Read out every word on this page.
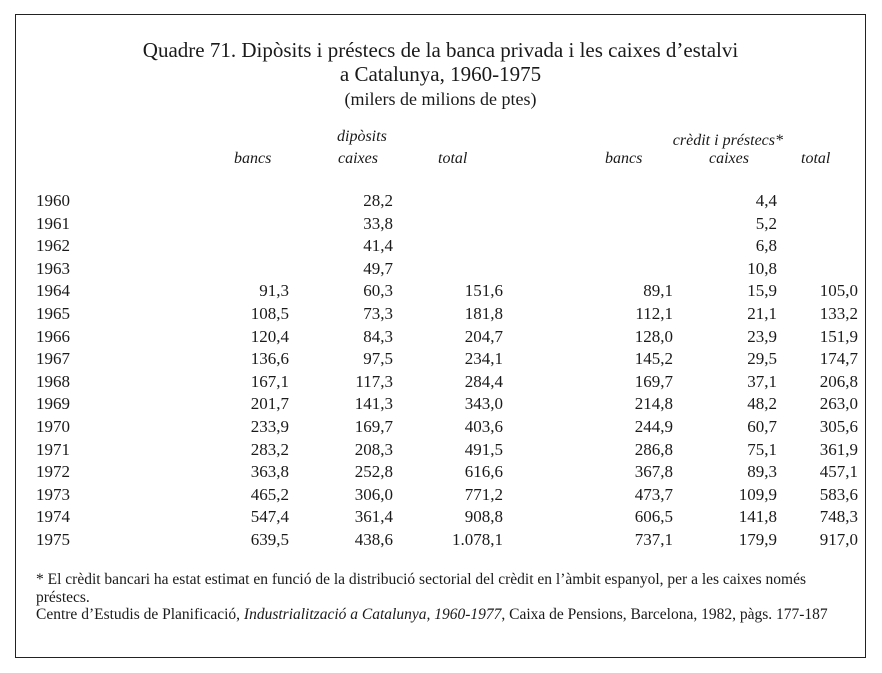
Quadre 71. Dipòsits i préstecs de la banca privada i les caixes d’estalvi
a Catalunya, 1960-1975
(milers de milions de ptes)
dipòsits	crèdit i préstecs*
bancs	caixes	total	bancs	caixes	total
1960		28,2			4,4	
1961		33,8			5,2	
1962		41,4			6,8	
1963		49,7			10,8	
1964	91,3	60,3	151,6	89,1	15,9	105,0
1965	108,5	73,3	181,8	112,1	21,1	133,2
1966	120,4	84,3	204,7	128,0	23,9	151,9
1967	136,6	97,5	234,1	145,2	29,5	174,7
1968	167,1	117,3	284,4	169,7	37,1	206,8
1969	201,7	141,3	343,0	214,8	48,2	263,0
1970	233,9	169,7	403,6	244,9	60,7	305,6
1971	283,2	208,3	491,5	286,8	75,1	361,9
1972	363,8	252,8	616,6	367,8	89,3	457,1
1973	465,2	306,0	771,2	473,7	109,9	583,6
1974	547,4	361,4	908,8	606,5	141,8	748,3
1975	639,5	438,6	1.078,1	737,1	179,9	917,0

* El crèdit bancari ha estat estimat en funció de la distribució sectorial del crèdit en l’àmbit espanyol, per a les caixes només préstecs.

Centre d’Estudis de Planificació, Industrialització a Catalunya, 1960-1977, Caixa de Pensions, Barcelona, 1982, pàgs. 177-187
